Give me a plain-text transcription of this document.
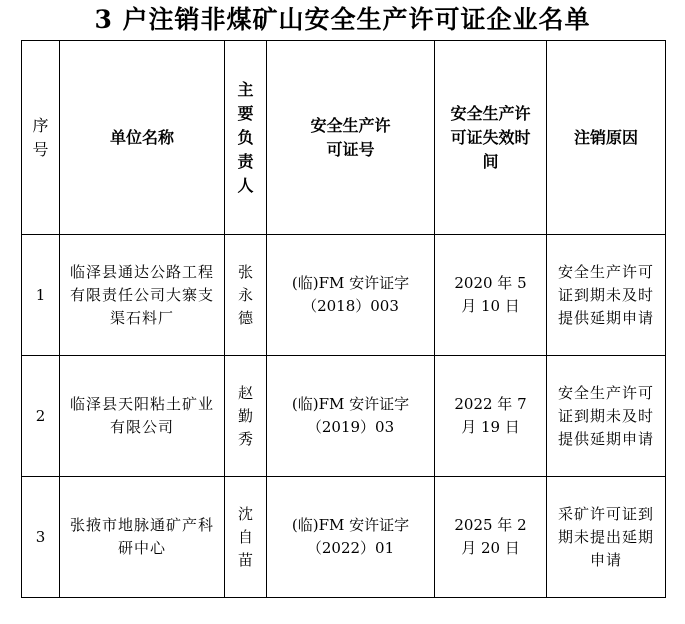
3 户注销非煤矿山安全生产许可证企业名单
序号	单位名称	主要负责人	安全生产许可证号	安全生产许可证失效时间	注销原因
1	临泽县通达公路工程有限责任公司大寨支渠石料厂	张永德	(临)FM 安许证字（2018）003	2020 年 5 月 10 日	安全生产许可证到期未及时提供延期申请
2	临泽县天阳粘土矿业有限公司	赵勤秀	(临)FM 安许证字（2019）03	2022 年 7 月 19 日	安全生产许可证到期未及时提供延期申请
3	张掖市地脉通矿产科研中心	沈自苗	(临)FM 安许证字（2022）01	2025 年 2 月 20 日	采矿许可证到期未提出延期申请
